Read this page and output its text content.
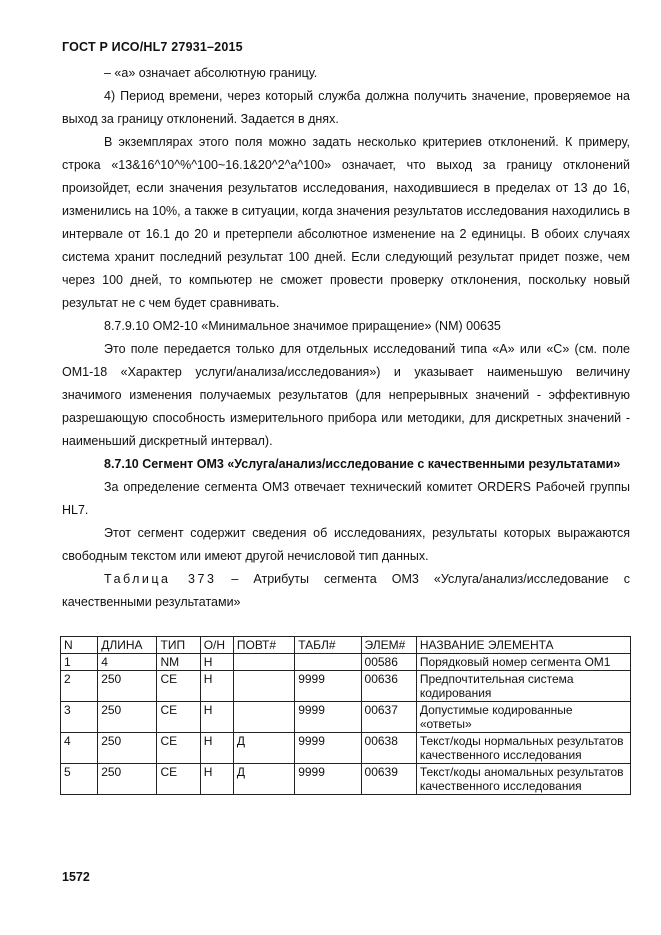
ГОСТ Р ИСО/HL7 27931–2015

– «а» означает абсолютную границу.

4) Период времени, через который служба должна получить значение, проверяемое на выход за границу отклонений. Задается в днях.

В экземплярах этого поля можно задать несколько критериев отклонений. К примеру, строка «13&16^10^%^100~16.1&20^2^a^100» означает, что выход за границу отклонений произойдет, если значения результатов исследования, находившиеся в пределах от 13 до 16, изменились на 10%, а также в ситуации, когда значения результатов исследования находились в интервале от 16.1 до 20 и претерпели абсолютное изменение на 2 единицы. В обоих случаях система хранит последний результат 100 дней. Если следующий результат придет позже, чем через 100 дней, то компьютер не сможет провести проверку отклонения, поскольку новый результат не с чем будет сравнивать.

8.7.9.10 ОМ2-10 «Минимальное значимое приращение» (NM) 00635

Это поле передается только для отдельных исследований типа «А» или «С» (см. поле ОМ1-18 «Характер услуги/анализа/исследования») и указывает наименьшую величину значимого изменения получаемых результатов (для непрерывных значений - эффективную разрешающую способность измерительного прибора или методики, для дискретных значений - наименьший дискретный интервал).

8.7.10 Сегмент ОМ3 «Услуга/анализ/исследование с качественными результатами»

За определение сегмента ОМ3 отвечает технический комитет ORDERS Рабочей группы HL7.

Этот сегмент содержит сведения об исследованиях, результаты которых выражаются свободным текстом или имеют другой нечисловой тип данных.

Таблица 373 – Атрибуты сегмента ОМ3 «Услуга/анализ/исследование с качественными результатами»

N	ДЛИНА	ТИП	О/Н	ПОВТ#	ТАБЛ#	ЭЛЕМ#	НАЗВАНИЕ ЭЛЕМЕНТА
1	4	NM	Н			00586	Порядковый номер сегмента ОМ1
2	250	CE	Н		9999	00636	Предпочтительная система кодирования
3	250	CE	Н		9999	00637	Допустимые кодированные «ответы»
4	250	CE	Н	Д	9999	00638	Текст/коды нормальных результатов качественного исследования
5	250	CE	Н	Д	9999	00639	Текст/коды аномальных результатов качественного исследования
1572
